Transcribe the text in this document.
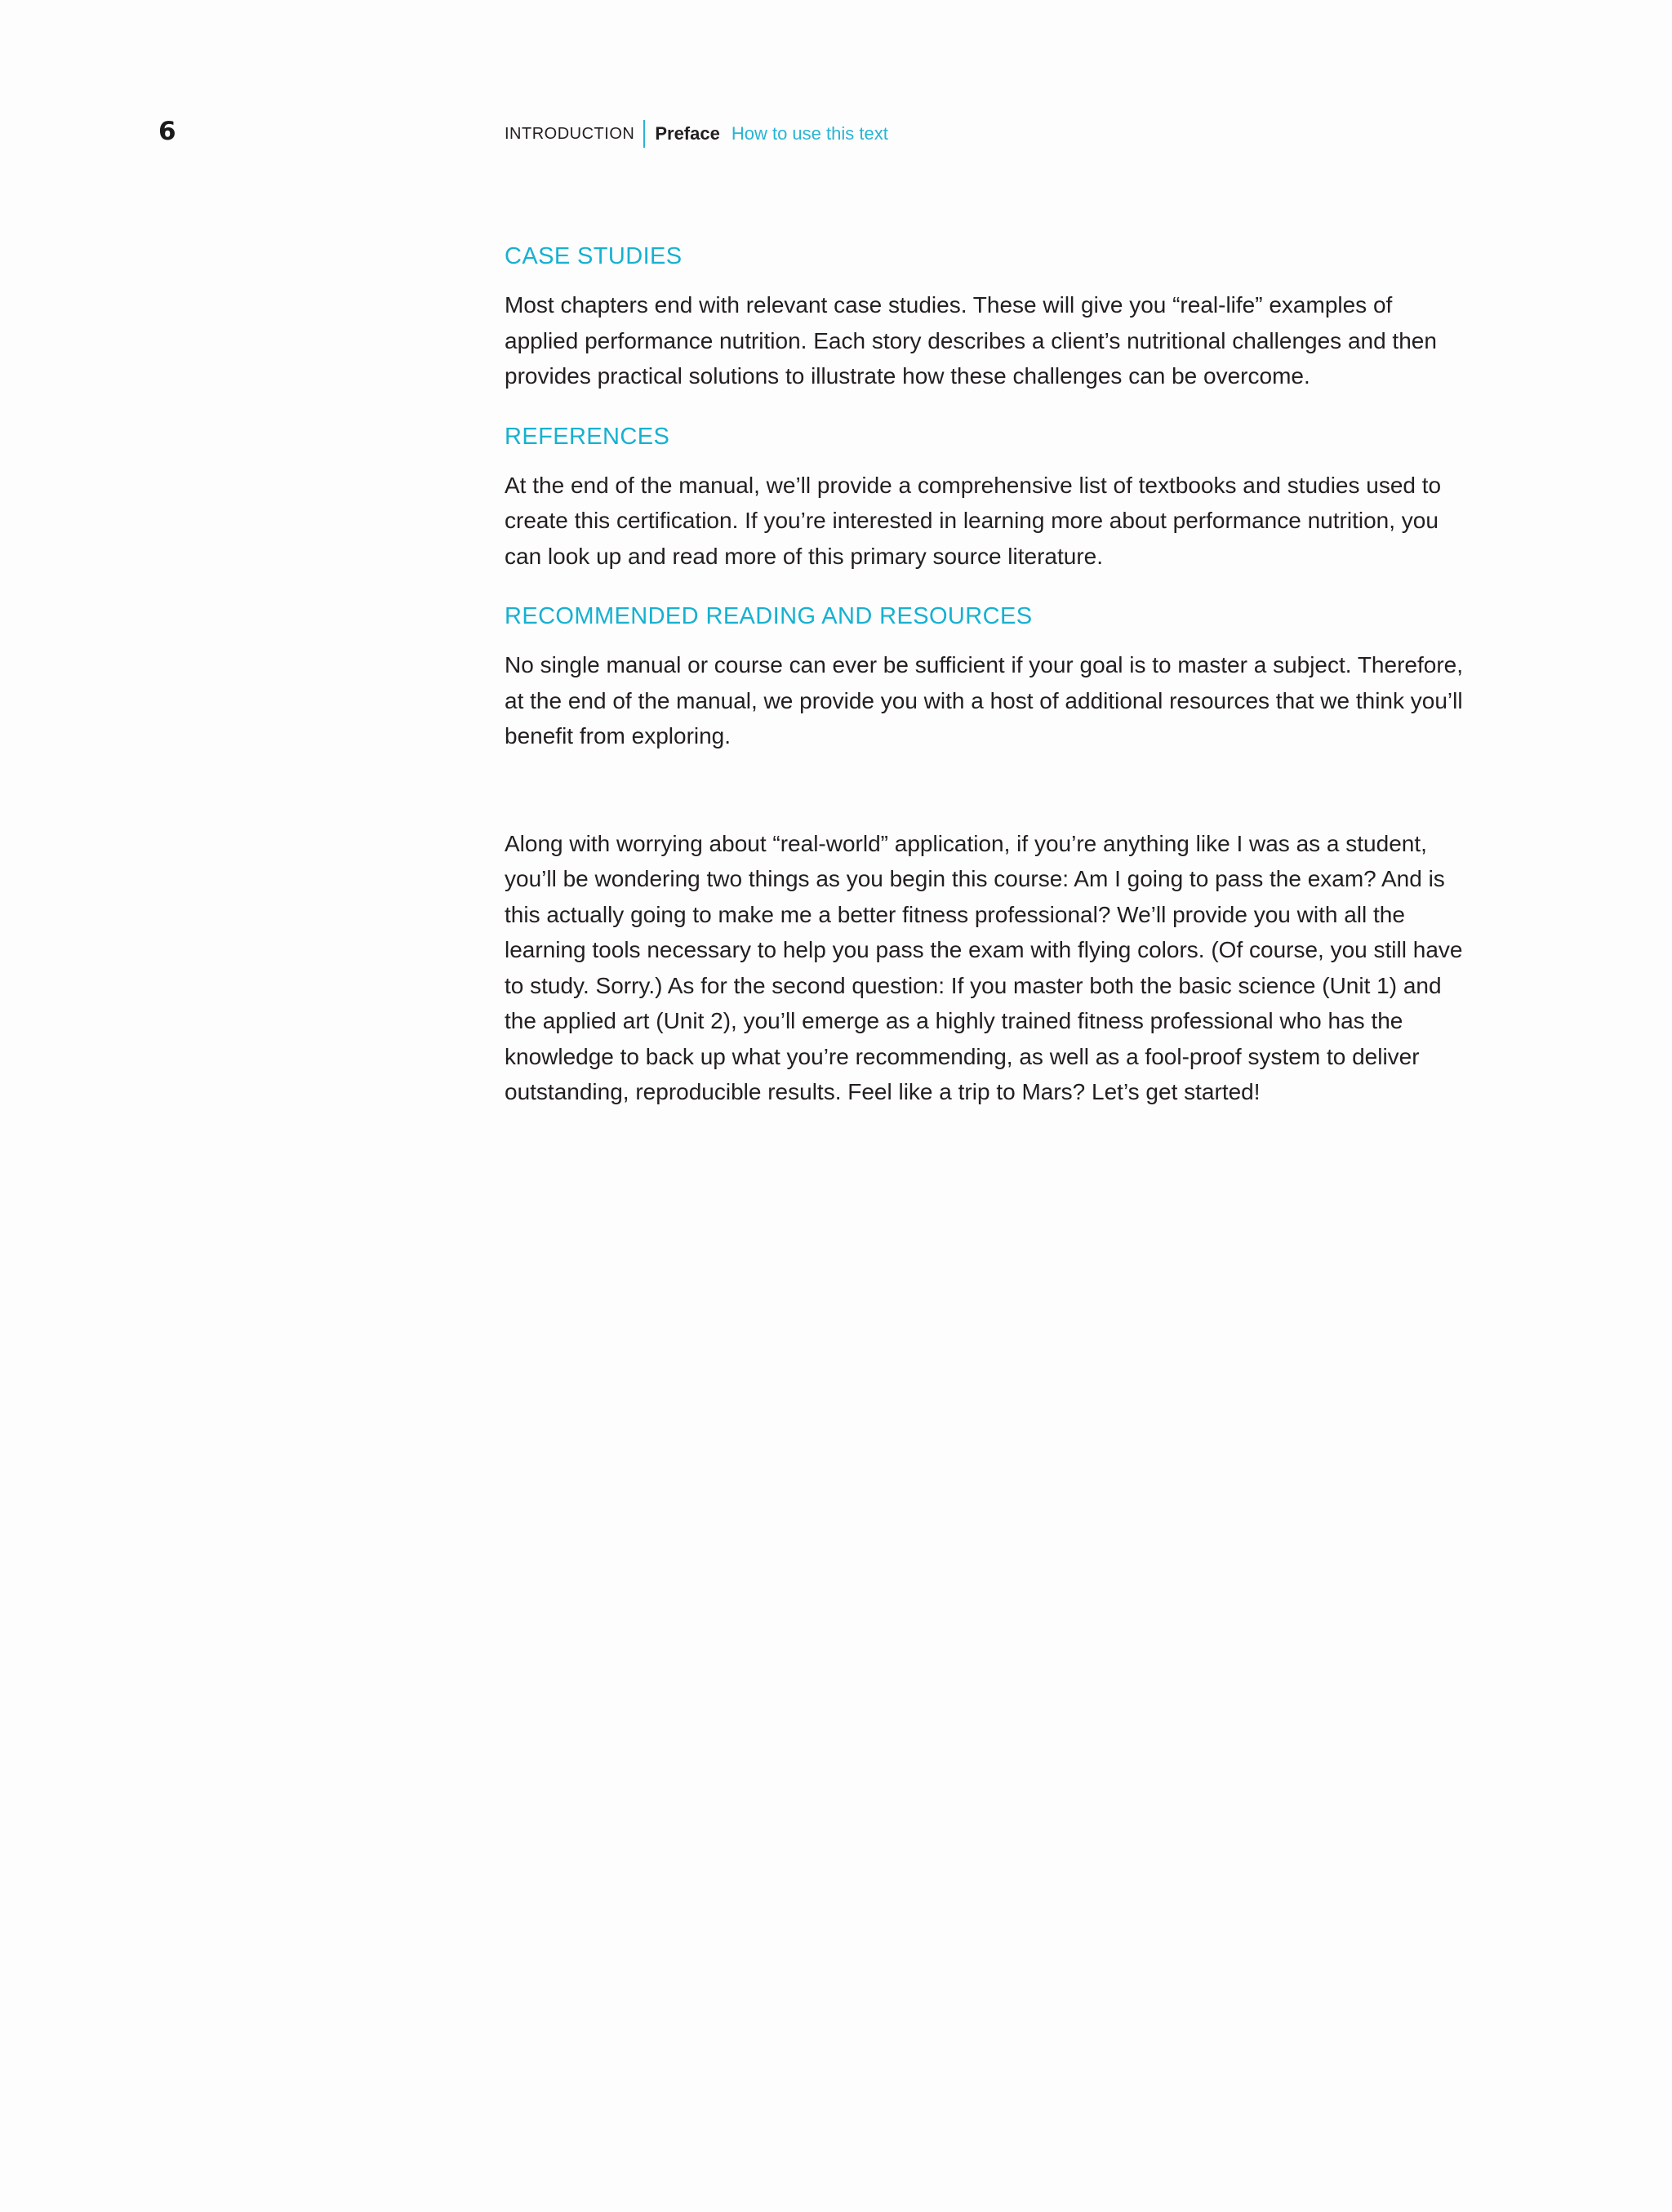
6	INTRODUCTION Preface How to use this text
CASE STUDIES

Most chapters end with relevant case studies. These will give you “real-life” examples of applied performance nutrition. Each story describes a client’s nutritional challenges and then provides practical solutions to illustrate how these challenges can be overcome.

REFERENCES

At the end of the manual, we’ll provide a comprehensive list of textbooks and studies used to create this certification. If you’re interested in learning more about performance nutrition, you can look up and read more of this primary source literature.

RECOMMENDED READING AND RESOURCES

No single manual or course can ever be sufficient if your goal is to master a subject. Therefore, at the end of the manual, we provide you with a host of additional resources that we think you’ll benefit from exploring.

Along with worrying about “real-world” application, if you’re anything like I was as a student, you’ll be wondering two things as you begin this course: Am I going to pass the exam? And is this actually going to make me a better fitness professional? We’ll provide you with all the learning tools necessary to help you pass the exam with flying colors. (Of course, you still have to study. Sorry.) As for the second question: If you master both the basic science (Unit 1) and the applied art (Unit 2), you’ll emerge as a highly trained fitness professional who has the knowledge to back up what you’re recommending, as well as a fool-proof system to deliver outstanding, reproducible results. Feel like a trip to Mars? Let’s get started!
